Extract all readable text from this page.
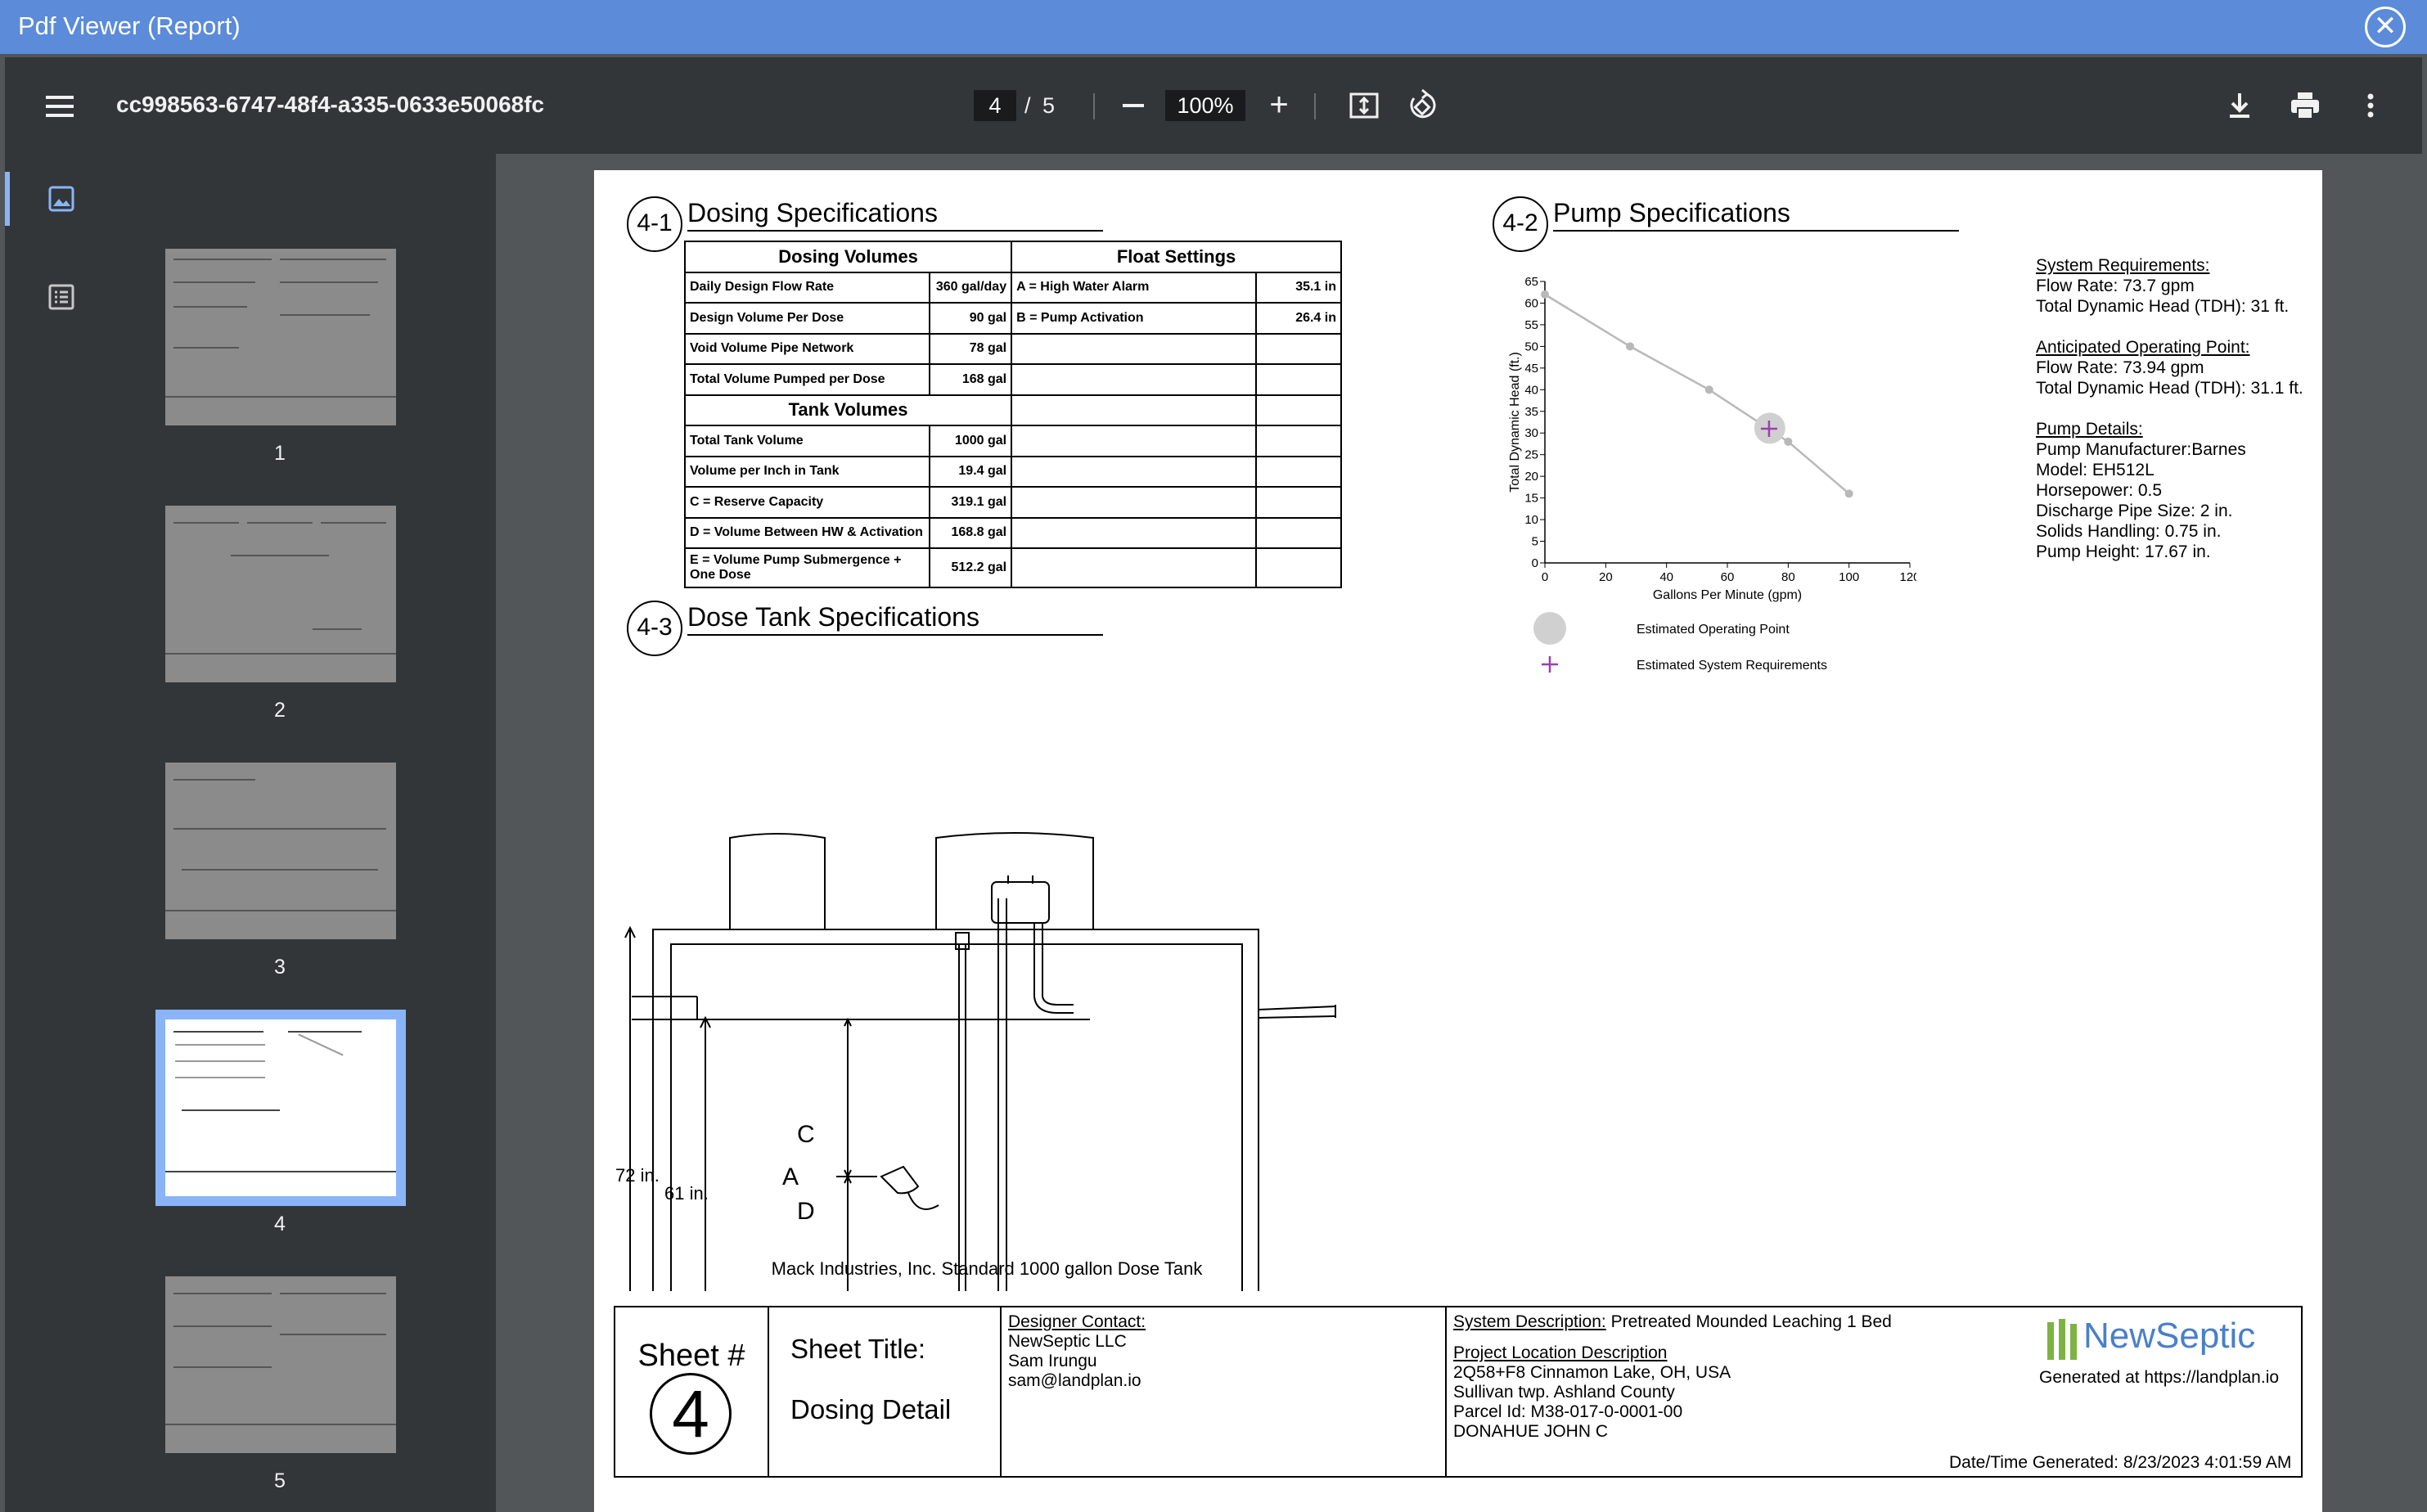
Pdf Viewer (Report)	✕
cc998563-6747-48f4-a335-0633e50068fc	4	/ 5	100%	+
1
2
3
4
5
4-1 Dosing Specifications
Dosing Volumes		Float Settings	
Daily Design Flow Rate	360 gal/day	A = High Water Alarm	35.1 in
Design Volume Per Dose	90 gal	B = Pump Activation	26.4 in
Void Volume Pipe Network	78 gal		
Total Volume Pumped per Dose	168 gal		
Tank Volumes			
Total Tank Volume	1000 gal		
Volume per Inch in Tank	19.4 gal		
C = Reserve Capacity	319.1 gal		
D = Volume Between HW & Activation	168.8 gal		
E = Volume Pump Submergence + One Dose	512.2 gal		
4-2 Pump Specifications
0	20	40	60	80	100	12
0
5
10
15
20
25
30
35
40
45
50
55
60
65
Gallons Per Minute (gpm)
Total Dynamic Head (ft.)
Estimated Operating Point
Estimated System Requirements
System Requirements:
Flow Rate: 73.7 gpm
Total Dynamic Head (TDH): 31 ft.
Anticipated Operating Point:
Flow Rate: 73.94 gpm
Total Dynamic Head (TDH): 31.1 ft.
Pump Details:
Pump Manufacturer:Barnes
Model: EH512L
Horsepower: 0.5
Discharge Pipe Size: 2 in.
Solids Handling: 0.75 in.
Pump Height: 17.67 in.
4-3 Dose Tank Specifications
72 in.
61 in.
C
A
D
Mack Industries, Inc. Standard 1000 gallon Dose Tank
Sheet #
4
Sheet Title:
Dosing Detail
Designer Contact:
NewSeptic LLC
Sam Irungu
sam@landplan.io
System Description: Pretreated Mounded Leaching 1 Bed
Project Location Description
2Q58+F8 Cinnamon Lake, OH, USA
Sullivan twp. Ashland County
Parcel Id: M38-017-0-0001-00
DONAHUE JOHN C
NewSeptic
Generated at https://landplan.io
Date/Time Generated: 8/23/2023 4:01:59 AM
